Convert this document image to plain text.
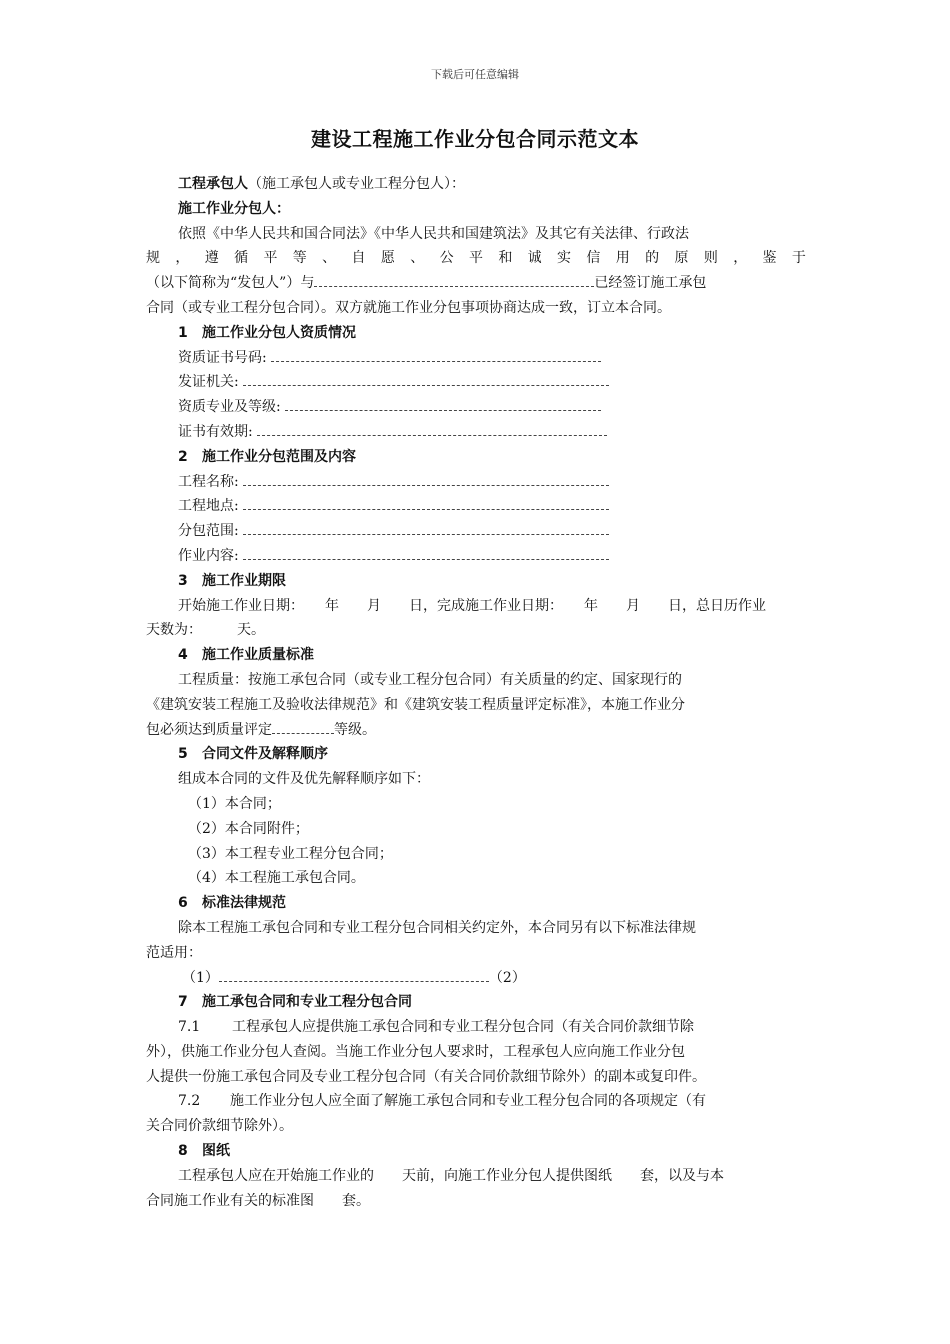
下载后可任意编辑
建设工程施工作业分包合同示范文本
工程承包人（施工承包人或专业工程分包人）：
施工作业分包人：
依照《中华人民共和国合同法》《中华人民共和国建筑法》及其它有关法律、行政法
规 ， 遵 循 平 等 、 自 愿 、 公 平 和 诚 实 信 用 的 原 则 ， 鉴 于
（以下简称为“发包人”）与	已经签订施工承包
合同（或专业工程分包合同）。双方就施工作业分包事项协商达成一致，订立本合同。
1 施工作业分包人资质情况
资质证书号码:
发证机关:
资质专业及等级:
证书有效期:
2 施工作业分包范围及内容
工程名称:
工程地点:
分包范围:
作业内容:
3 施工作业期限
开始施工作业日期：　　年　　月　　日，完成施工作业日期：　　年　　月　　日，总日历作业
天数为：　　　天。
4 施工作业质量标准
工程质量：按施工承包合同（或专业工程分包合同）有关质量的约定、国家现行的
《建筑安装工程施工及验收法律规范》和《建筑安装工程质量评定标准》，本施工作业分
包必须达到质量评定	等级。
5 合同文件及解释顺序
组成本合同的文件及优先解释顺序如下：
（1）本合同；
（2）本合同附件；
（3）本工程专业工程分包合同；
（4）本工程施工承包合同。
6 标准法律规范
除本工程施工承包合同和专业工程分包合同相关约定外，本合同另有以下标准法律规
范适用：
（1）	（2）
7 施工承包合同和专业工程分包合同
7.1 工程承包人应提供施工承包合同和专业工程分包合同（有关合同价款细节除
外），供施工作业分包人查阅。当施工作业分包人要求时，工程承包人应向施工作业分包
人提供一份施工承包合同及专业工程分包合同（有关合同价款细节除外）的副本或复印件。
7.2 施工作业分包人应全面了解施工承包合同和专业工程分包合同的各项规定（有
关合同价款细节除外）。
8 图纸
工程承包人应在开始施工作业的　　天前，向施工作业分包人提供图纸　　套，以及与本
合同施工作业有关的标准图　　套。
